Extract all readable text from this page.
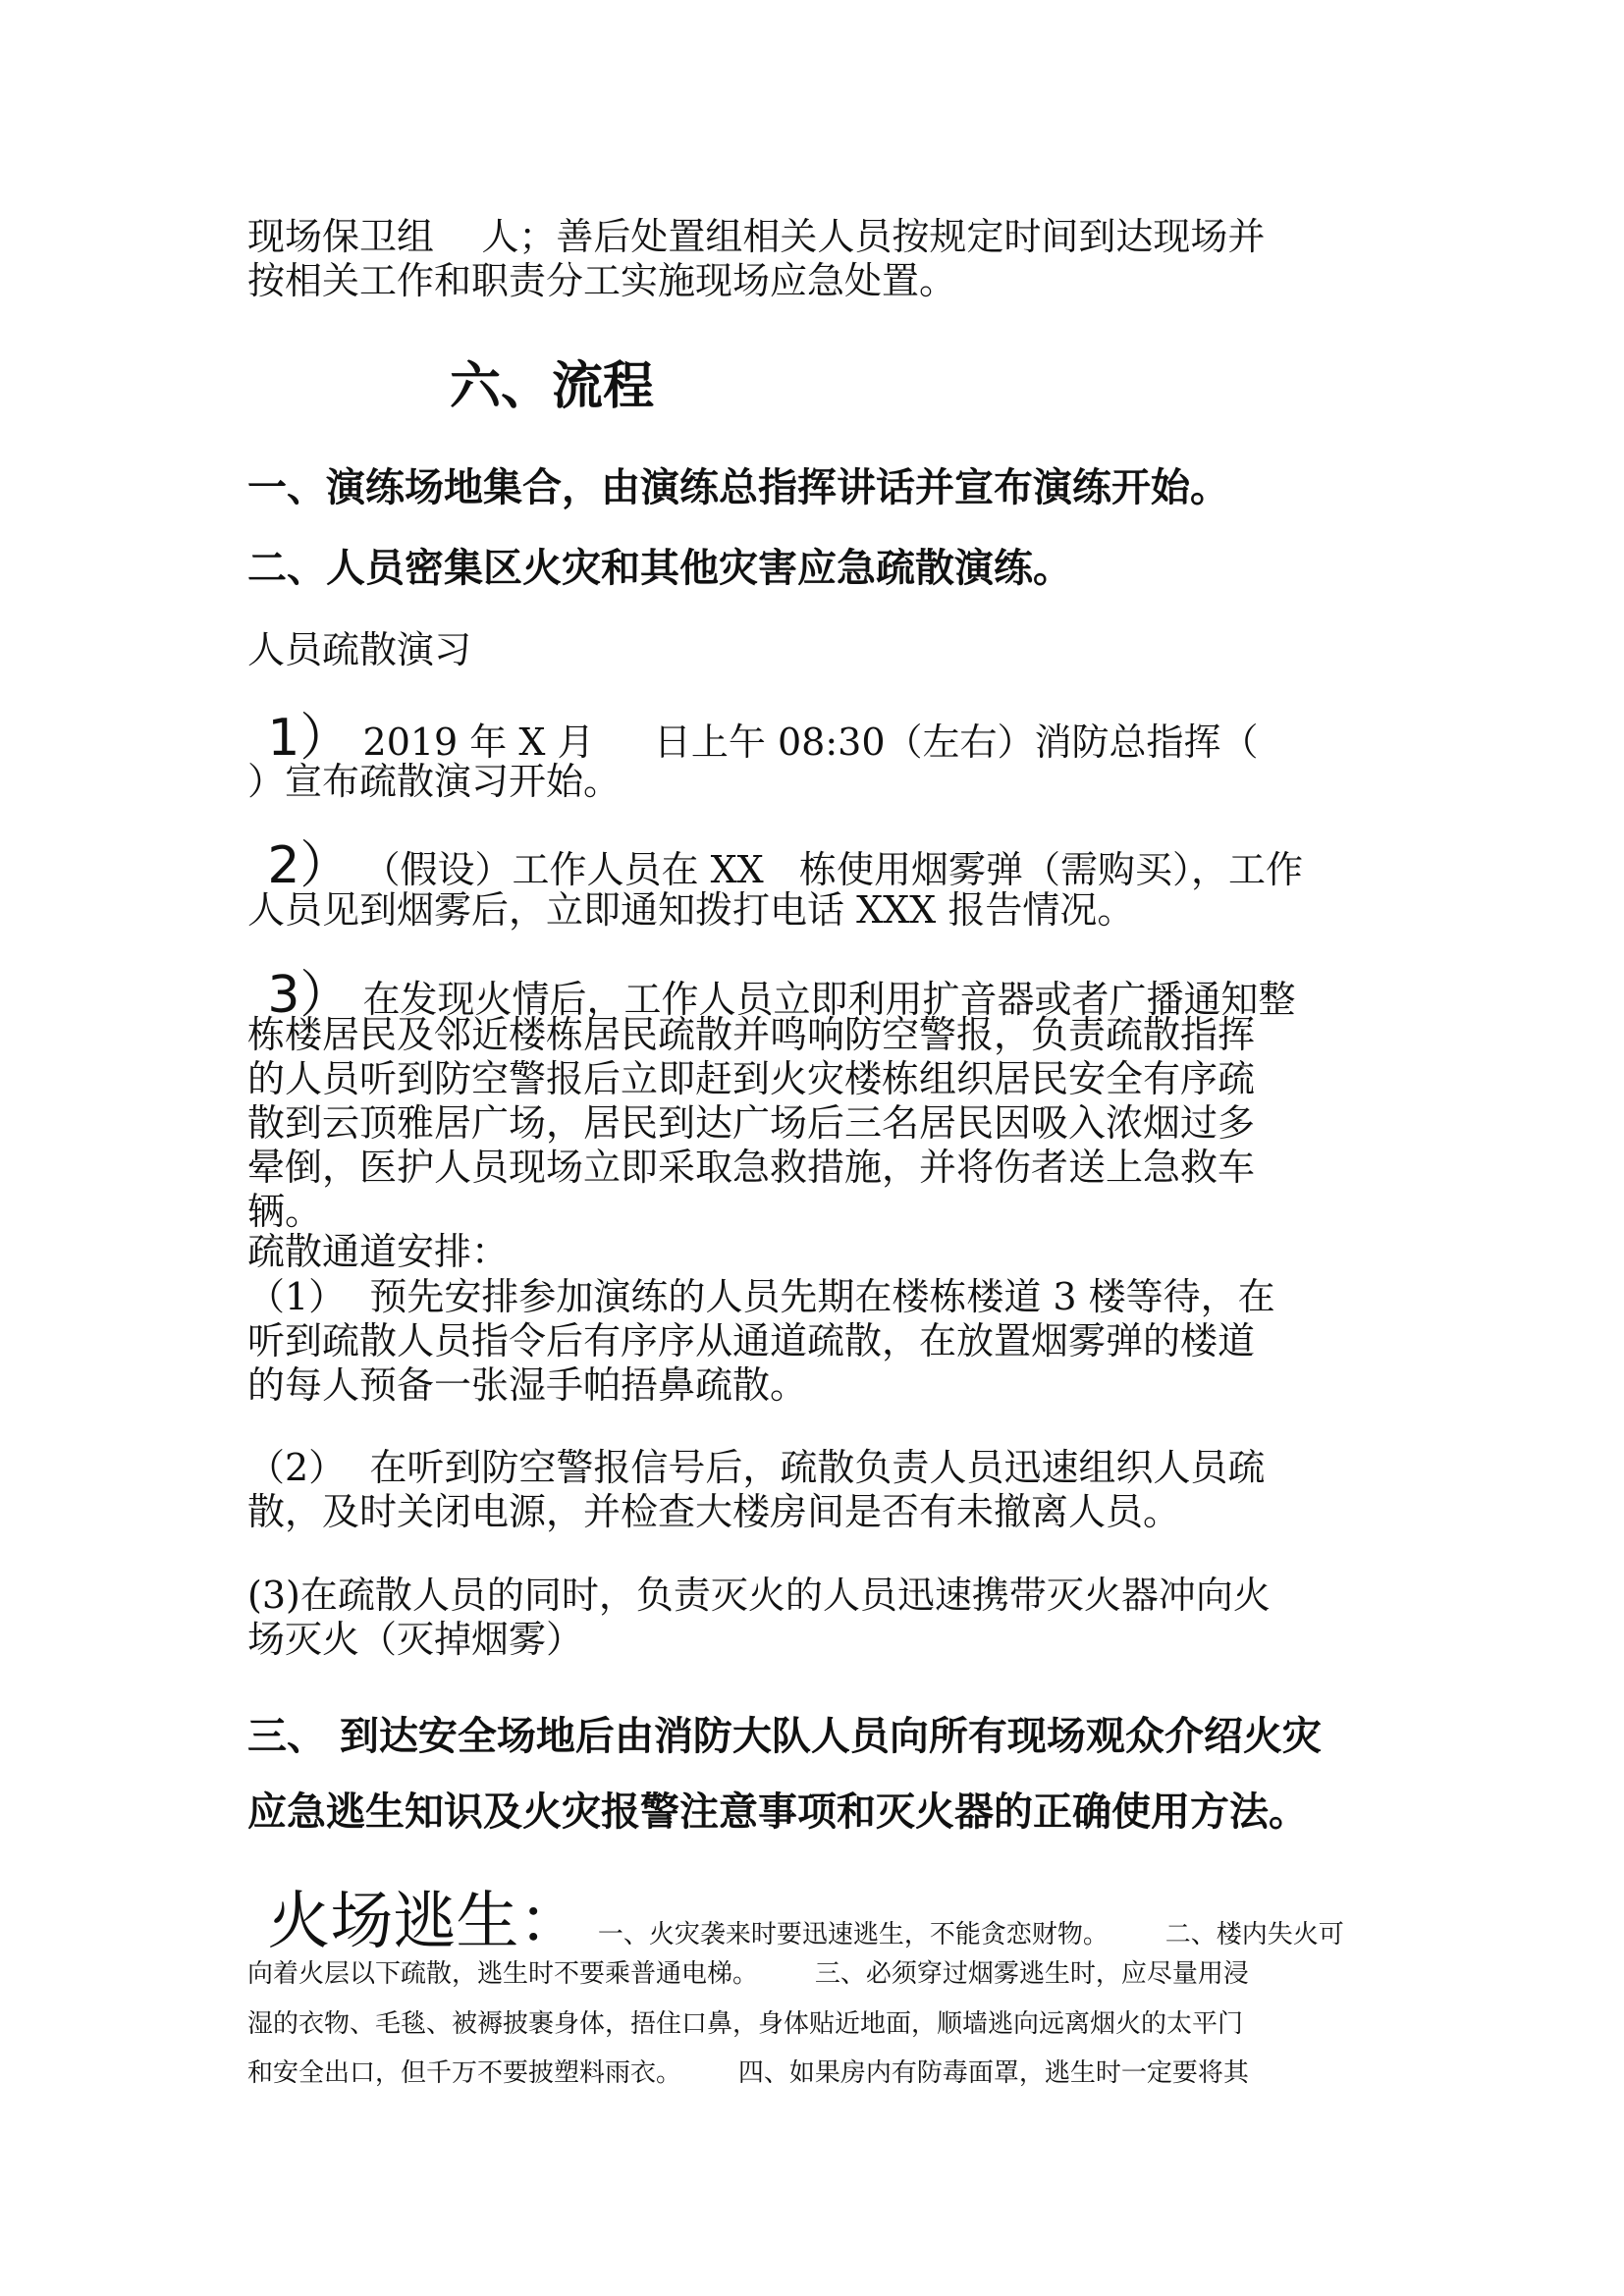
现场保卫组    人；善后处置组相关人员按规定时间到达现场并
按相关工作和职责分工实施现场应急处置。
六、流程
一、演练场地集合，由演练总指挥讲话并宣布演练开始。
二、人员密集区火灾和其他灾害应急疏散演练。
人员疏散演习

1） 2019 年 X 月     日上午 08:30（左右）消防总指挥（

）宣布疏散演习开始。

2） （假设）工作人员在 XX   栋使用烟雾弹（需购买），工作

人员见到烟雾后，立即通知拨打电话 XXX 报告情况。

3） 在发现火情后，工作人员立即利用扩音器或者广播通知整

栋楼居民及邻近楼栋居民疏散并鸣响防空警报，负责疏散指挥
的人员听到防空警报后立即赶到火灾楼栋组织居民安全有序疏
散到云顶雅居广场，居民到达广场后三名居民因吸入浓烟过多
晕倒，医护人员现场立即采取急救措施，并将伤者送上急救车
辆。
疏散通道安排：
（1）  预先安排参加演练的人员先期在楼栋楼道 3 楼等待，在
听到疏散人员指令后有序序从通道疏散，在放置烟雾弹的楼道
的每人预备一张湿手帕捂鼻疏散。
（2）  在听到防空警报信号后，疏散负责人员迅速组织人员疏
散，及时关闭电源，并检查大楼房间是否有未撤离人员。
(3)在疏散人员的同时，负责灭火的人员迅速携带灭火器冲向火
场灭火（灭掉烟雾）
三、 到达安全场地后由消防大队人员向所有现场观众介绍火灾
应急逃生知识及火灾报警注意事项和灭火器的正确使用方法。

火场逃生：  一、火灾袭来时要迅速逃生，不能贪恋财物。       二、楼内失火可

向着火层以下疏散，逃生时不要乘普通电梯。       三、必须穿过烟雾逃生时，应尽量用浸
湿的衣物、毛毯、被褥披裹身体，捂住口鼻，身体贴近地面，顺墙逃向远离烟火的太平门
和安全出口，但千万不要披塑料雨衣。       四、如果房内有防毒面罩，逃生时一定要将其
